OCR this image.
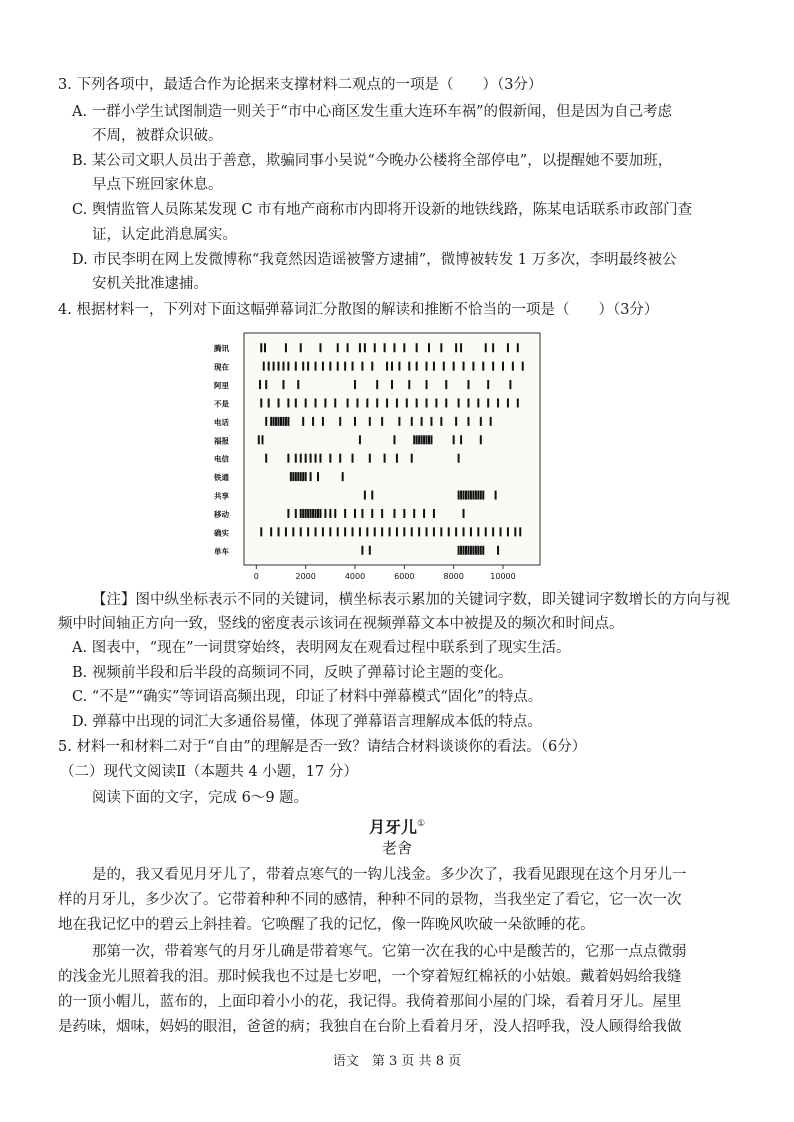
3. 下列各项中，最适合作为论据来支撑材料二观点的一项是（　　）（3分）
A. 一群小学生试图制造一则关于“市中心商区发生重大连环车祸”的假新闻，但是因为自己考虑
不周，被群众识破。
B. 某公司文职人员出于善意，欺骗同事小吴说“今晚办公楼将全部停电”，以提醒她不要加班，
早点下班回家休息。
C. 舆情监管人员陈某发现 C 市有地产商称市内即将开设新的地铁线路，陈某电话联系市政部门查
证，认定此消息属实。
D. 市民李明在网上发微博称“我竟然因造谣被警方逮捕”，微博被转发 1 万多次，李明最终被公
安机关批准逮捕。
4. 根据材料一，下列对下面这幅弹幕词汇分散图的解读和推断不恰当的一项是（　　）（3分）
腾讯
现在
阿里
不是
电话
福报
电信
铁通
共享
移动
确实
单车
0	2000	4000	6000	8000	10000
【注】图中纵坐标表示不同的关键词，横坐标表示累加的关键词字数，即关键词字数增长的方向与视
频中时间轴正方向一致，竖线的密度表示该词在视频弹幕文本中被提及的频次和时间点。
A. 图表中，“现在”一词贯穿始终，表明网友在观看过程中联系到了现实生活。
B. 视频前半段和后半段的高频词不同，反映了弹幕讨论主题的变化。
C. “不是”“确实”等词语高频出现，印证了材料中弹幕模式“固化”的特点。
D. 弹幕中出现的词汇大多通俗易懂，体现了弹幕语言理解成本低的特点。
5. 材料一和材料二对于“自由”的理解是否一致？请结合材料谈谈你的看法。（6分）
（二）现代文阅读Ⅱ（本题共 4 小题，17 分）
阅读下面的文字，完成 6～9 题。
月牙儿①
老舍
是的，我又看见月牙儿了，带着点寒气的一钩儿浅金。多少次了，我看见跟现在这个月牙儿一
样的月牙儿，多少次了。它带着种种不同的感情，种种不同的景物，当我坐定了看它，它一次一次
地在我记忆中的碧云上斜挂着。它唤醒了我的记忆，像一阵晚风吹破一朵欲睡的花。
那第一次，带着寒气的月牙儿确是带着寒气。它第一次在我的心中是酸苦的，它那一点点微弱
的浅金光儿照着我的泪。那时候我也不过是七岁吧，一个穿着短红棉袄的小姑娘。戴着妈妈给我缝
的一顶小帽儿，蓝布的，上面印着小小的花，我记得。我倚着那间小屋的门垛，看着月牙儿。屋里
是药味，烟味，妈妈的眼泪，爸爸的病；我独自在台阶上看着月牙，没人招呼我，没人顾得给我做
语文　第 3 页 共 8 页
